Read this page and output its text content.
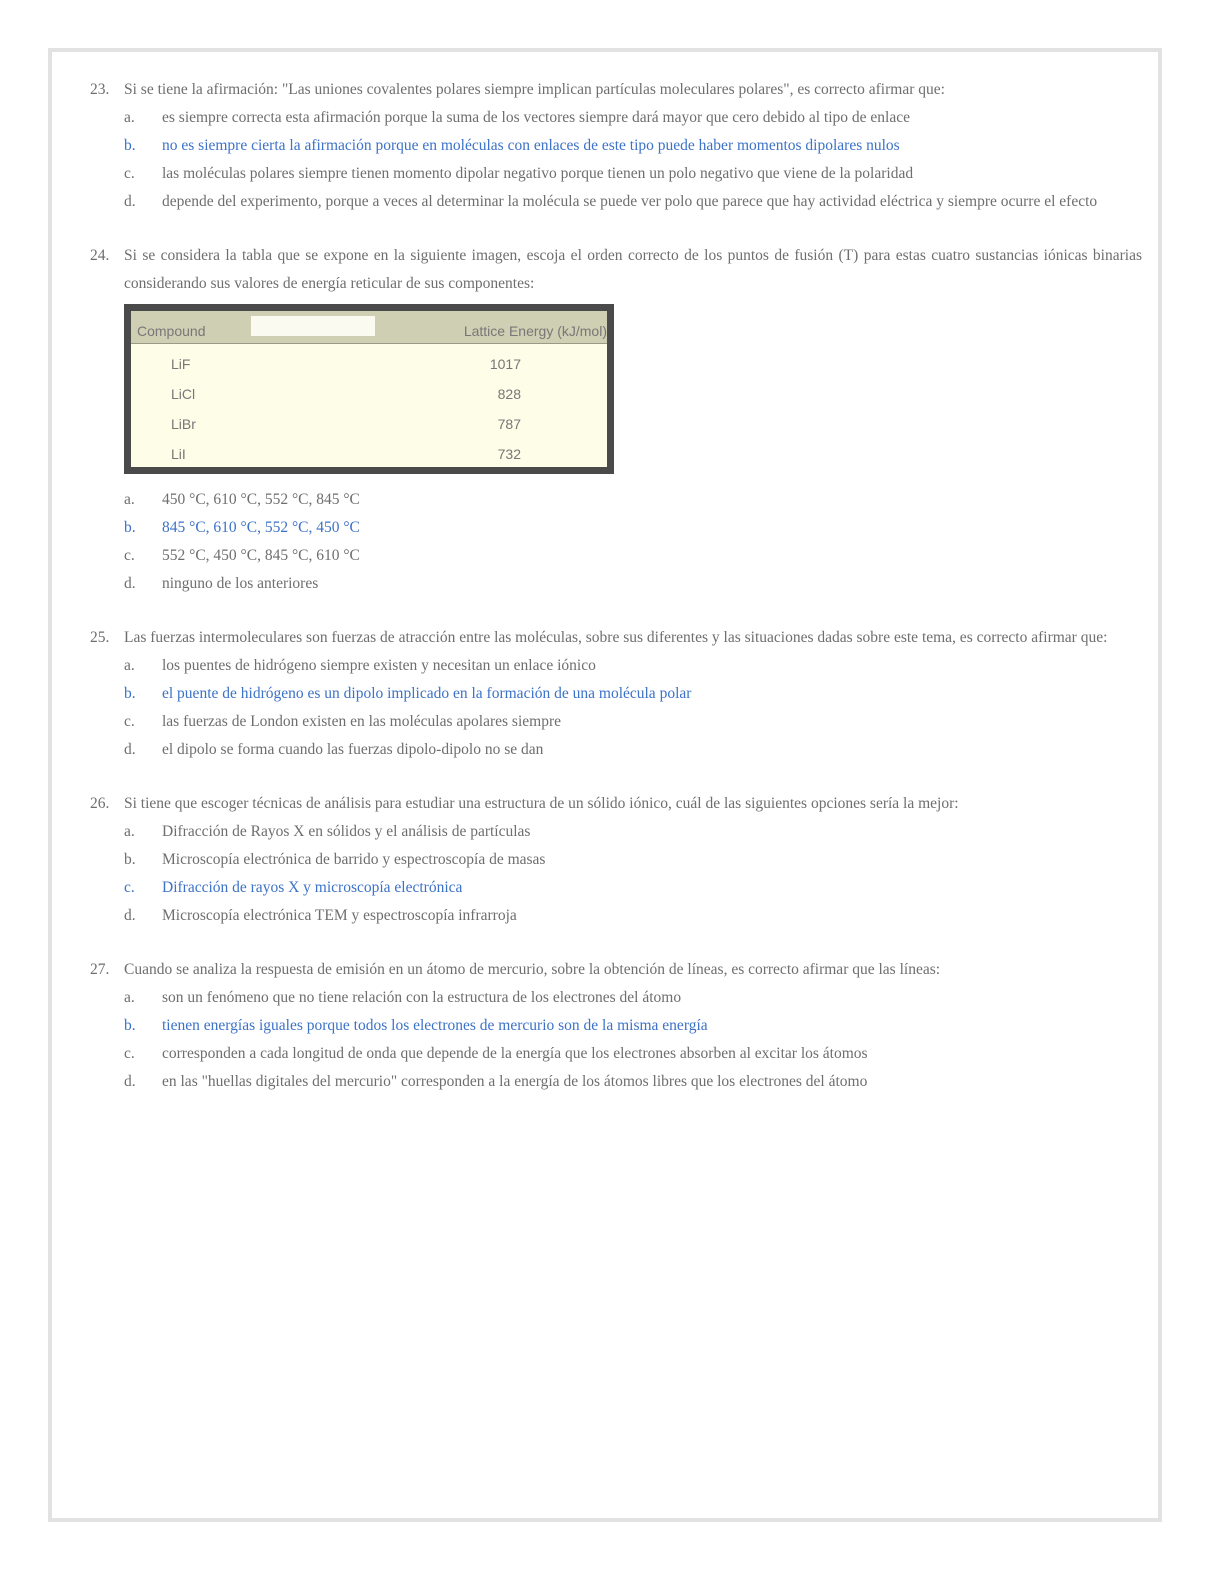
23. Si se tiene la afirmación: "Las uniones covalentes polares siempre implican partículas moleculares polares", es correcto afirmar que:
a.	es siempre correcta esta afirmación porque la suma de los vectores siempre dará mayor que cero debido al tipo de enlace
b.	no es siempre cierta la afirmación porque en moléculas con enlaces de este tipo puede haber momentos dipolares nulos
c.	las moléculas polares siempre tienen momento dipolar negativo porque tienen un polo negativo que viene de la polaridad
d.	depende del experimento, porque a veces al determinar la molécula se puede ver polo que parece que hay actividad eléctrica y siempre ocurre el efecto
24. Si se considera la tabla que se expone en la siguiente imagen, escoja el orden correcto de los puntos de fusión (T) para estas cuatro sustancias iónicas binarias considerando sus valores de energía reticular de sus componentes:
Compound	Lattice Energy (kJ/mol)
LiF	1017
LiCl	828
LiBr	787
LiI	732
a.	450 °C, 610 °C, 552 °C, 845 °C
b.	845 °C, 610 °C, 552 °C, 450 °C
c.	552 °C, 450 °C, 845 °C, 610 °C
d.	ninguno de los anteriores
25. Las fuerzas intermoleculares son fuerzas de atracción entre las moléculas, sobre sus diferentes y las situaciones dadas sobre este tema, es correcto afirmar que:
a.	los puentes de hidrógeno siempre existen y necesitan un enlace iónico
b.	el puente de hidrógeno es un dipolo implicado en la formación de una molécula polar
c.	las fuerzas de London existen en las moléculas apolares siempre
d.	el dipolo se forma cuando las fuerzas dipolo-dipolo no se dan
26. Si tiene que escoger técnicas de análisis para estudiar una estructura de un sólido iónico, cuál de las siguientes opciones sería la mejor:
a.	Difracción de Rayos X en sólidos y el análisis de partículas
b.	Microscopía electrónica de barrido y espectroscopía de masas
c.	Difracción de rayos X y microscopía electrónica
d.	Microscopía electrónica TEM y espectroscopía infrarroja
27. Cuando se analiza la respuesta de emisión en un átomo de mercurio, sobre la obtención de líneas, es correcto afirmar que las líneas:
a.	son un fenómeno que no tiene relación con la estructura de los electrones del átomo
b.	tienen energías iguales porque todos los electrones de mercurio son de la misma energía
c.	corresponden a cada longitud de onda que depende de la energía que los electrones absorben al excitar los átomos
d.	en las "huellas digitales del mercurio" corresponden a la energía de los átomos libres que los electrones del átomo
